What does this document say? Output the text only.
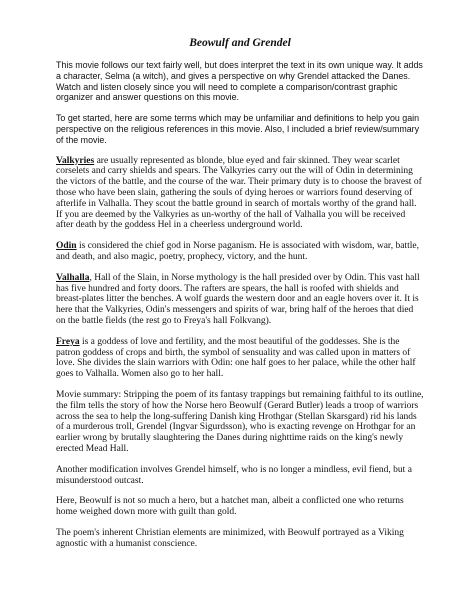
Beowulf and Grendel

This movie follows our text fairly well, but does interpret the text in its own unique way. It adds a character, Selma (a witch), and gives a perspective on why Grendel attacked the Danes. Watch and listen closely since you will need to complete a comparison/contrast graphic organizer and answer questions on this movie.

To get started, here are some terms which may be unfamiliar and definitions to help you gain perspective on the religious references in this movie. Also, I included a brief review/summary of the movie.

Valkyries are usually represented as blonde, blue eyed and fair skinned. They wear scarlet corselets and carry shields and spears. The Valkyries carry out the will of Odin in determining the victors of the battle, and the course of the war. Their primary duty is to choose the bravest of those who have been slain, gathering the souls of dying heroes or warriors found deserving of afterlife in Valhalla. They scout the battle ground in search of mortals worthy of the grand hall. If you are deemed by the Valkyries as un-worthy of the hall of Valhalla you will be received after death by the goddess Hel in a cheerless underground world.

Odin is considered the chief god in Norse paganism. He is associated with wisdom, war, battle, and death, and also magic, poetry, prophecy, victory, and the hunt.

Valhalla, Hall of the Slain, in Norse mythology is the hall presided over by Odin. This vast hall has five hundred and forty doors. The rafters are spears, the hall is roofed with shields and breast-plates litter the benches. A wolf guards the western door and an eagle hovers over it. It is here that the Valkyries, Odin's messengers and spirits of war, bring half of the heroes that died on the battle fields (the rest go to Freya's hall Folkvang).

Freya is a goddess of love and fertility, and the most beautiful of the goddesses. She is the patron goddess of crops and birth, the symbol of sensuality and was called upon in matters of love. She divides the slain warriors with Odin: one half goes to her palace, while the other half goes to Valhalla. Women also go to her hall.

Movie summary: Stripping the poem of its fantasy trappings but remaining faithful to its outline, the film tells the story of how the Norse hero Beowulf (Gerard Butler) leads a troop of warriors across the sea to help the long-suffering Danish king Hrothgar (Stellan Skarsgard) rid his lands of a murderous troll, Grendel (Ingvar Sigurdsson), who is exacting revenge on Hrothgar for an earlier wrong by brutally slaughtering the Danes during nighttime raids on the king's newly erected Mead Hall.

Another modification involves Grendel himself, who is no longer a mindless, evil fiend, but a misunderstood outcast.

Here, Beowulf is not so much a hero, but a hatchet man, albeit a conflicted one who returns home weighed down more with guilt than gold.

The poem's inherent Christian elements are minimized, with Beowulf portrayed as a Viking agnostic with a humanist conscience.
